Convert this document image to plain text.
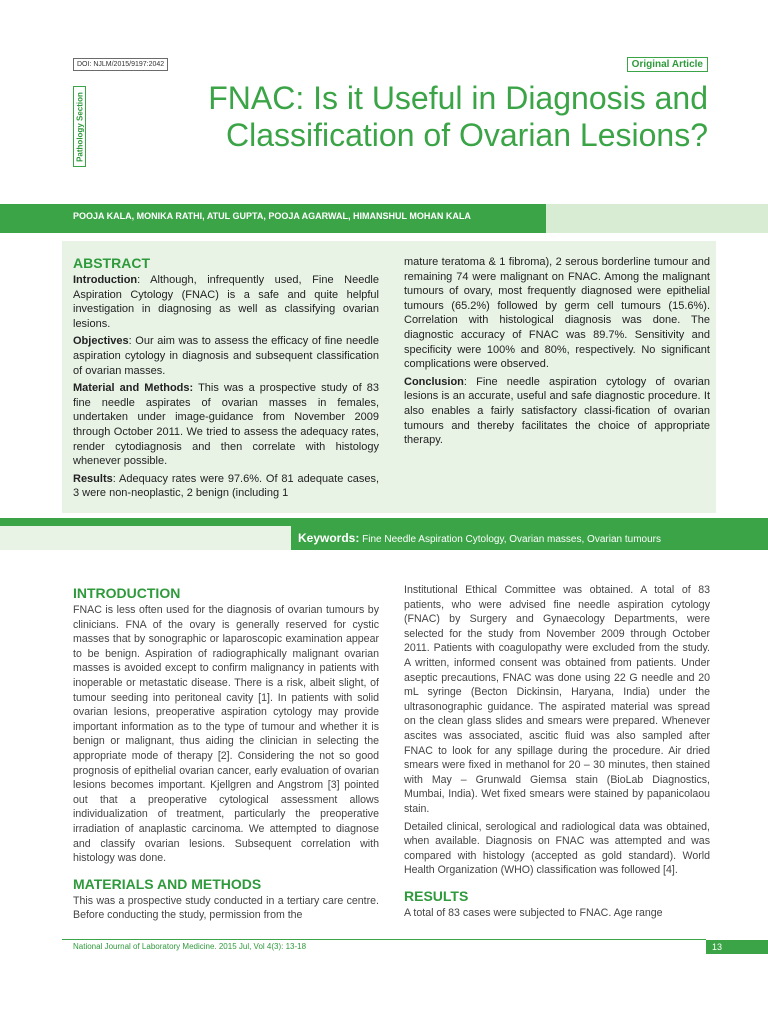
DOI: NJLM/2015/9197:2042	Original Article
Pathology Section	FNAC: Is it Useful in Diagnosis and
Classification of Ovarian Lesions?
POOJA KALA, MONIKA RATHI, ATUL GUPTA, POOJA AGARWAL, HIMANSHUL MOHAN KALA
ABSTRACT

Introduction: Although, infrequently used, Fine Needle Aspiration Cytology (FNAC) is a safe and quite helpful investigation in diagnosing as well as classifying ovarian lesions.

Objectives: Our aim was to assess the efficacy of fine needle aspiration cytology in diagnosis and subsequent classification of ovarian masses.

Material and Methods: This was a prospective study of 83 fine needle aspirates of ovarian masses in females, undertaken under image-guidance from November 2009 through October 2011. We tried to assess the adequacy rates, render cytodiagnosis and then correlate with histology whenever possible.

Results: Adequacy rates were 97.6%. Of 81 adequate cases, 3 were non-neoplastic, 2 benign (including 1

mature teratoma & 1 fibroma), 2 serous borderline tumour and remaining 74 were malignant on FNAC. Among the malignant tumours of ovary, most frequently diagnosed were epithelial tumours (65.2%) followed by germ cell tumours (15.6%). Correlation with histological diagnosis was done. The diagnostic accuracy of FNAC was 89.7%. Sensitivity and specificity were 100% and 80%, respectively. No significant complications were observed.

Conclusion: Fine needle aspiration cytology of ovarian lesions is an accurate, useful and safe diagnostic procedure. It also enables a fairly satisfactory classi-fication of ovarian tumours and thereby facilitates the choice of appropriate therapy.

Keywords: Fine Needle Aspiration Cytology, Ovarian masses, Ovarian tumours
INTRODUCTION

FNAC is less often used for the diagnosis of ovarian tumours by clinicians. FNA of the ovary is generally reserved for cystic masses that by sonographic or laparoscopic examination appear to be benign. Aspiration of radiographically malignant ovarian masses is avoided except to confirm malignancy in patients with inoperable or metastatic disease. There is a risk, albeit slight, of tumour seeding into peritoneal cavity [1]. In patients with solid ovarian lesions, preoperative aspiration cytology may provide important information as to the type of tumour and whether it is benign or malignant, thus aiding the clinician in selecting the appropriate mode of therapy [2]. Considering the not so good prognosis of epithelial ovarian cancer, early evaluation of ovarian lesions becomes important. Kjellgren and Angstrom [3] pointed out that a preoperative cytological assessment allows individualization of treatment, particularly the preoperative irradiation of anaplastic carcinoma. We attempted to diagnose and classify ovarian lesions. Subsequent correlation with histology was done.

MATERIALS AND METHODS

This was a prospective study conducted in a tertiary care centre. Before conducting the study, permission from the

Institutional Ethical Committee was obtained. A total of 83 patients, who were advised fine needle aspiration cytology (FNAC) by Surgery and Gynaecology Departments, were selected for the study from November 2009 through October 2011. Patients with coagulopathy were excluded from the study. A written, informed consent was obtained from patients. Under aseptic precautions, FNAC was done using 22 G needle and 20 mL syringe (Becton Dickinsin, Haryana, India) under the ultrasonographic guidance. The aspirated material was spread on the clean glass slides and smears were prepared. Whenever ascites was associated, ascitic fluid was also sampled after FNAC to look for any spillage during the procedure. Air dried smears were fixed in methanol for 20 – 30 minutes, then stained with May – Grunwald Giemsa stain (BioLab Diagnostics, Mumbai, India). Wet fixed smears were stained by papanicolaou stain.

Detailed clinical, serological and radiological data was obtained, when available. Diagnosis on FNAC was attempted and was compared with histology (accepted as gold standard). World Health Organization (WHO) classification was followed [4].

RESULTS

A total of 83 cases were subjected to FNAC. Age range

13
National Journal of Laboratory Medicine. 2015 Jul, Vol 4(3): 13-18
